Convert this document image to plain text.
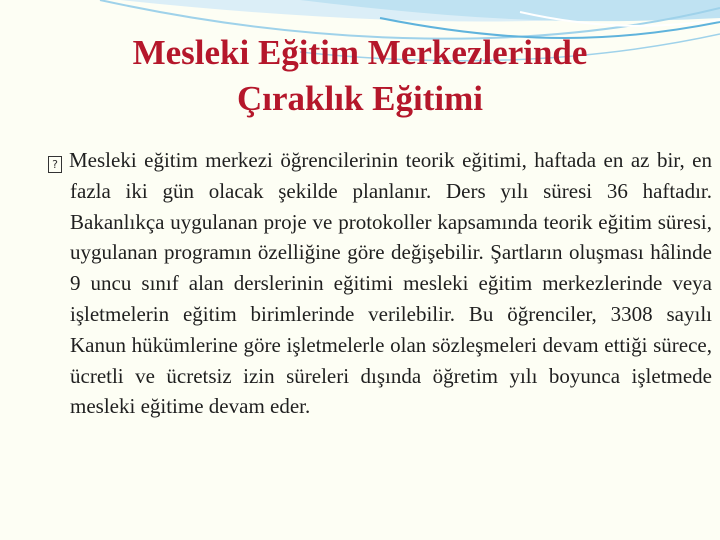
Mesleki Eğitim Merkezlerinde
Çıraklık Eğitimi
? Mesleki eğitim merkezi öğrencilerinin teorik eğitimi, haftada en az bir, en fazla iki gün olacak şekilde planlanır. Ders yılı süresi 36 haftadır. Bakanlıkça uygulanan proje ve protokoller kapsamında teorik eğitim süresi, uygulanan programın özelliğine göre değişebilir. Şartların oluşması hâlinde 9 uncu sınıf alan derslerinin eğitimi mesleki eğitim merkezlerinde veya işletmelerin eğitim birimlerinde verilebilir. Bu öğrenciler, 3308 sayılı Kanun hükümlerine göre işletmelerle olan sözleşmeleri devam ettiği sürece, ücretli ve ücretsiz izin süreleri dışında öğretim yılı boyunca işletmede mesleki eğitime devam eder.
